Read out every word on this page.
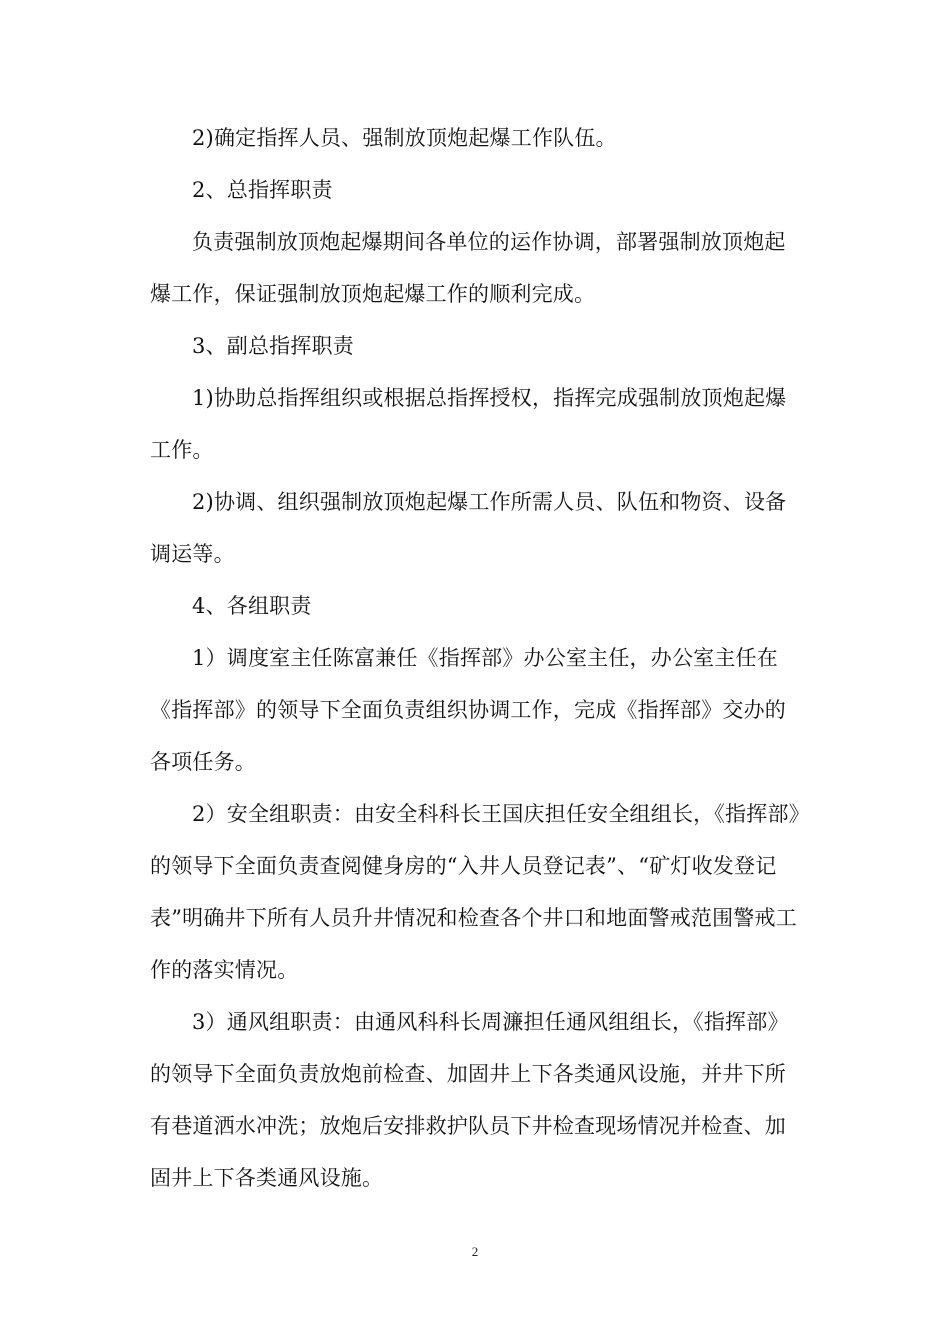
2)确定指挥人员、强制放顶炮起爆工作队伍。

2、总指挥职责

负责强制放顶炮起爆期间各单位的运作协调，部署强制放顶炮起爆工作，保证强制放顶炮起爆工作的顺利完成。

3、副总指挥职责

1)协助总指挥组织或根据总指挥授权，指挥完成强制放顶炮起爆工作。

2)协调、组织强制放顶炮起爆工作所需人员、队伍和物资、设备调运等。

4、各组职责

1）调度室主任陈富兼任《指挥部》办公室主任，办公室主任在《指挥部》的领导下全面负责组织协调工作，完成《指挥部》交办的各项任务。

2）安全组职责：由安全科科长王国庆担任安全组组长，《指挥部》的领导下全面负责查阅健身房的“入井人员登记表”、“矿灯收发登记表”明确井下所有人员升井情况和检查各个井口和地面警戒范围警戒工作的落实情况。

3）通风组职责：由通风科科长周濂担任通风组组长，《指挥部》的领导下全面负责放炮前检查、加固井上下各类通风设施，并井下所有巷道洒水冲洗；放炮后安排救护队员下井检查现场情况并检查、加固井上下各类通风设施。

2
